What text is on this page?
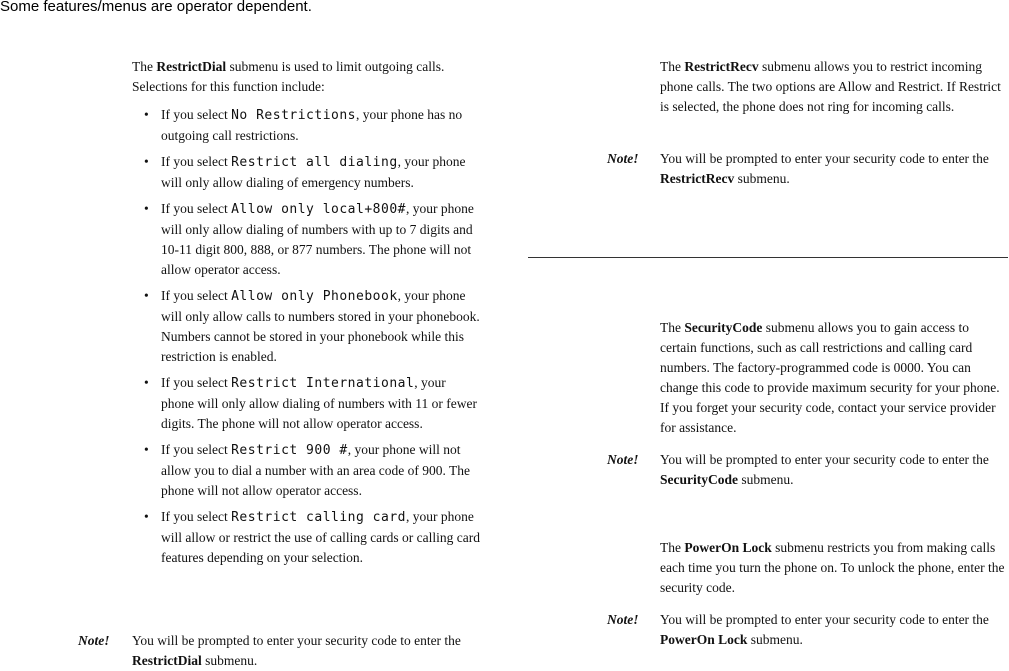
Some features/menus are operator dependent.

The RestrictDial submenu is used to limit outgoing calls. Selections for this function include:

• If you select No Restrictions, your phone has no outgoing call restrictions.
• If you select Restrict all dialing, your phone will only allow dialing of emergency numbers.
• If you select Allow only local+800#, your phone will only allow dialing of numbers with up to 7 digits and 10-11 digit 800, 888, or 877 numbers. The phone will not allow operator access.
• If you select Allow only Phonebook, your phone will only allow calls to numbers stored in your phonebook. Numbers cannot be stored in your phonebook while this restriction is enabled.
• If you select Restrict International, your phone will only allow dialing of numbers with 11 or fewer digits. The phone will not allow operator access.
• If you select Restrict 900 #, your phone will not allow you to dial a number with an area code of 900. The phone will not allow operator access.
• If you select Restrict calling card, your phone will allow or restrict the use of calling cards or calling card features depending on your selection.
Note! You will be prompted to enter your security code to enter the RestrictDial submenu.

The RestrictRecv submenu allows you to restrict incoming phone calls. The two options are Allow and Restrict. If Restrict is selected, the phone does not ring for incoming calls.

Note! You will be prompted to enter your security code to enter the RestrictRecv submenu.

The SecurityCode submenu allows you to gain access to certain functions, such as call restrictions and calling card numbers. The factory-programmed code is 0000. You can change this code to provide maximum security for your phone. If you forget your security code, contact your service provider for assistance.

Note! You will be prompted to enter your security code to enter the SecurityCode submenu.

The PowerOn Lock submenu restricts you from making calls each time you turn the phone on. To unlock the phone, enter the security code.

Note! You will be prompted to enter your security code to enter the PowerOn Lock submenu.
